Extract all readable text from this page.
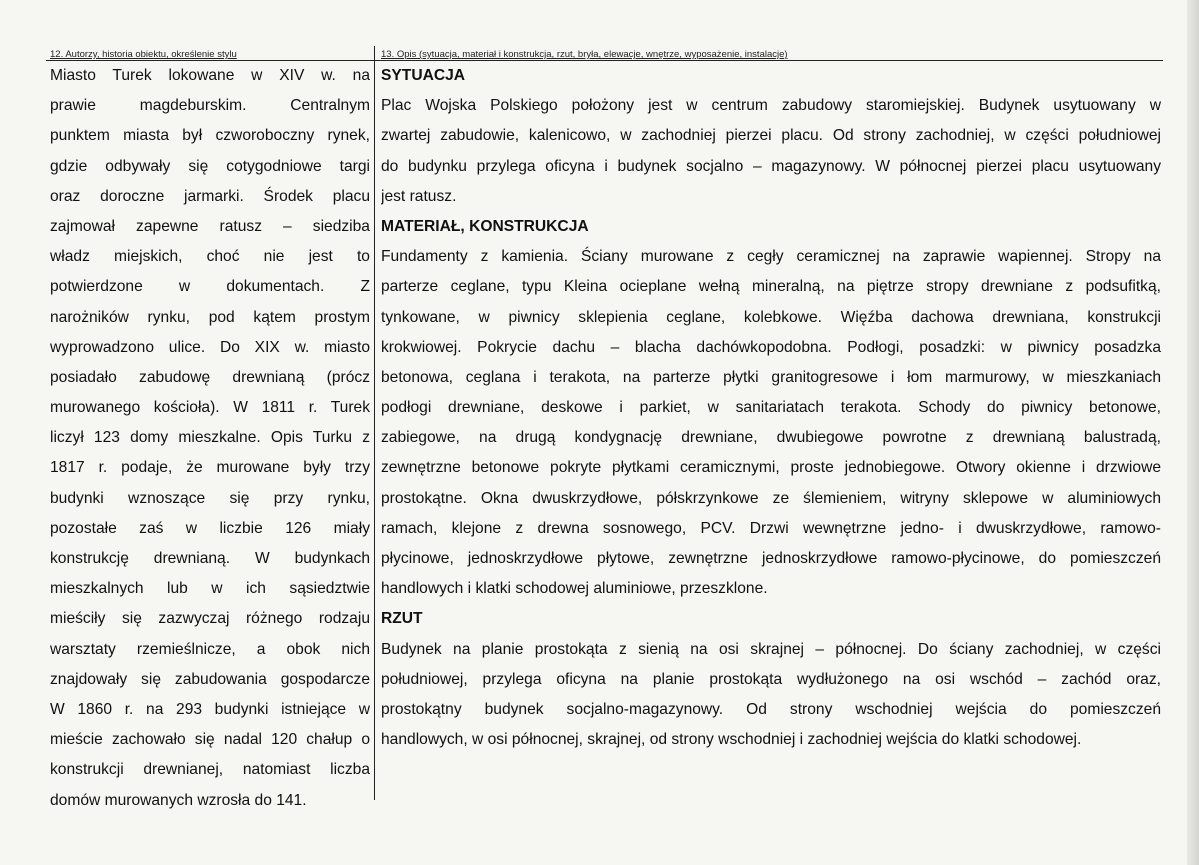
12. Autorzy, historia obiektu, określenie stylu	13. Opis (sytuacja, materiał i konstrukcja, rzut, bryła, elewacje, wnętrze, wyposażenie, instalacje)
Miasto Turek lokowane w XIV w. na
prawie magdeburskim. Centralnym
punktem miasta był czworoboczny rynek,
gdzie odbywały się cotygodniowe targi
oraz doroczne jarmarki. Środek placu
zajmował zapewne ratusz – siedziba
władz miejskich, choć nie jest to
potwierdzone w dokumentach. Z
narożników rynku, pod kątem prostym
wyprowadzono ulice. Do XIX w. miasto
posiadało zabudowę drewnianą (prócz
murowanego kościoła). W 1811 r. Turek
liczył 123 domy mieszkalne. Opis Turku z
1817 r. podaje, że murowane były trzy
budynki wznoszące się przy rynku,
pozostałe zaś w liczbie 126 miały
konstrukcję drewnianą. W budynkach
mieszkalnych lub w ich sąsiedztwie
mieściły się zazwyczaj różnego rodzaju
warsztaty rzemieślnicze, a obok nich
znajdowały się zabudowania gospodarcze
W 1860 r. na 293 budynki istniejące w
mieście zachowało się nadal 120 chałup o
konstrukcji drewnianej, natomiast liczba
domów murowanych wzrosła do 141.
SYTUACJA
Plac Wojska Polskiego położony jest w centrum zabudowy staromiejskiej. Budynek usytuowany w
zwartej zabudowie, kalenicowo, w zachodniej pierzei placu. Od strony zachodniej, w części południowej
do budynku przylega oficyna i budynek socjalno – magazynowy. W północnej pierzei placu usytuowany
jest ratusz.
MATERIAŁ, KONSTRUKCJA
Fundamenty z kamienia. Ściany murowane z cegły ceramicznej na zaprawie wapiennej. Stropy na
parterze ceglane, typu Kleina ocieplane wełną mineralną, na piętrze stropy drewniane z podsufitką,
tynkowane, w piwnicy sklepienia ceglane, kolebkowe. Więźba dachowa drewniana, konstrukcji
krokwiowej. Pokrycie dachu – blacha dachówkopodobna. Podłogi, posadzki: w piwnicy posadzka
betonowa, ceglana i terakota, na parterze płytki granitogresowe i łom marmurowy, w mieszkaniach
podłogi drewniane, deskowe i parkiet, w sanitariatach terakota. Schody do piwnicy betonowe,
zabiegowe, na drugą kondygnację drewniane, dwubiegowe powrotne z drewnianą balustradą,
zewnętrzne betonowe pokryte płytkami ceramicznymi, proste jednobiegowe. Otwory okienne i drzwiowe
prostokątne. Okna dwuskrzydłowe, półskrzynkowe ze ślemieniem, witryny sklepowe w aluminiowych
ramach, klejone z drewna sosnowego, PCV. Drzwi wewnętrzne jedno- i dwuskrzydłowe, ramowo-
płycinowe, jednoskrzydłowe płytowe, zewnętrzne jednoskrzydłowe ramowo-płycinowe, do pomieszczeń
handlowych i klatki schodowej aluminiowe, przeszklone.
RZUT
Budynek na planie prostokąta z sienią na osi skrajnej – północnej. Do ściany zachodniej, w części
południowej, przylega oficyna na planie prostokąta wydłużonego na osi wschód – zachód oraz,
prostokątny budynek socjalno-magazynowy. Od strony wschodniej wejścia do pomieszczeń
handlowych, w osi północnej, skrajnej, od strony wschodniej i zachodniej wejścia do klatki schodowej.
